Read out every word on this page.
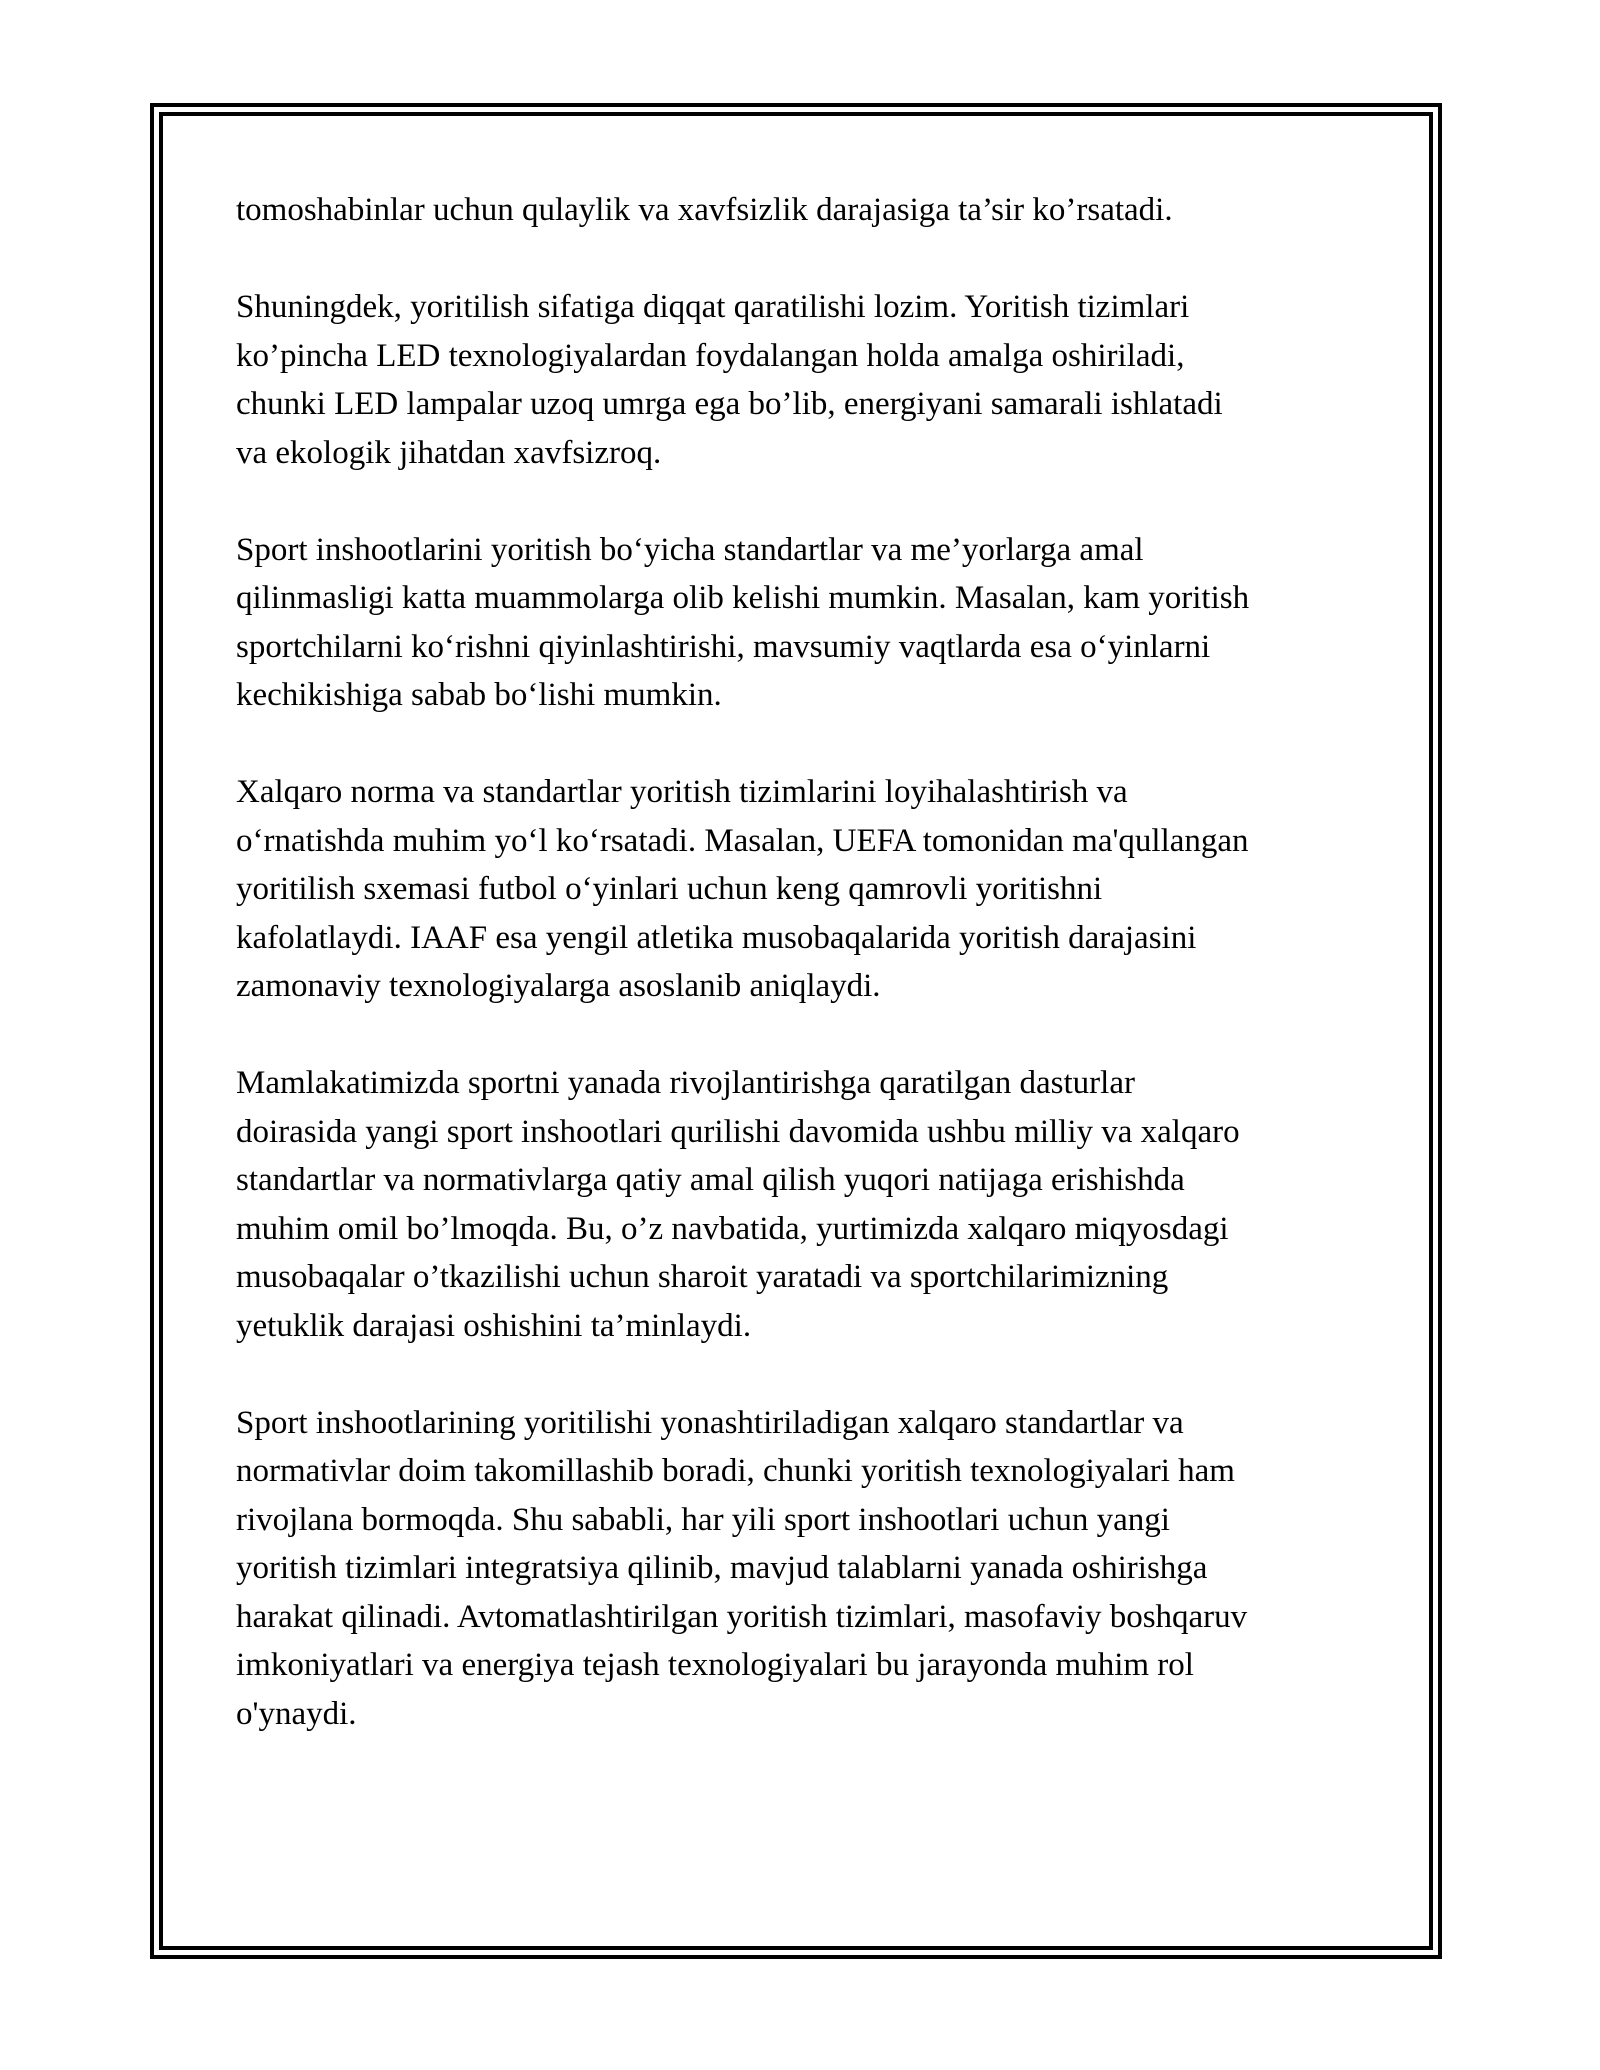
tomoshabinlar uchun qulaylik va xavfsizlik darajasiga ta’sir ko’rsatadi.

Shuningdek, yoritilish sifatiga diqqat qaratilishi lozim. Yoritish tizimlari
ko’pincha LED texnologiyalardan foydalangan holda amalga oshiriladi,
chunki LED lampalar uzoq umrga ega bo’lib, energiyani samarali ishlatadi
va ekologik jihatdan xavfsizroq.

Sport inshootlarini yoritish bo‘yicha standartlar va me’yorlarga amal
qilinmasligi katta muammolarga olib kelishi mumkin. Masalan, kam yoritish
sportchilarni ko‘rishni qiyinlashtirishi, mavsumiy vaqtlarda esa o‘yinlarni
kechikishiga sabab bo‘lishi mumkin.

Xalqaro norma va standartlar yoritish tizimlarini loyihalashtirish va
o‘rnatishda muhim yo‘l ko‘rsatadi. Masalan, UEFA tomonidan ma'qullangan
yoritilish sxemasi futbol o‘yinlari uchun keng qamrovli yoritishni
kafolatlaydi. IAAF esa yengil atletika musobaqalarida yoritish darajasini
zamonaviy texnologiyalarga asoslanib aniqlaydi.

Mamlakatimizda sportni yanada rivojlantirishga qaratilgan dasturlar
doirasida yangi sport inshootlari qurilishi davomida ushbu milliy va xalqaro
standartlar va normativlarga qatiy amal qilish yuqori natijaga erishishda
muhim omil bo’lmoqda. Bu, o’z navbatida, yurtimizda xalqaro miqyosdagi
musobaqalar o’tkazilishi uchun sharoit yaratadi va sportchilarimizning
yetuklik darajasi oshishini ta’minlaydi.

Sport inshootlarining yoritilishi yonashtiriladigan xalqaro standartlar va
normativlar doim takomillashib boradi, chunki yoritish texnologiyalari ham
rivojlana bormoqda. Shu sababli, har yili sport inshootlari uchun yangi
yoritish tizimlari integratsiya qilinib, mavjud talablarni yanada oshirishga
harakat qilinadi. Avtomatlashtirilgan yoritish tizimlari, masofaviy boshqaruv
imkoniyatlari va energiya tejash texnologiyalari bu jarayonda muhim rol
o'ynaydi.
